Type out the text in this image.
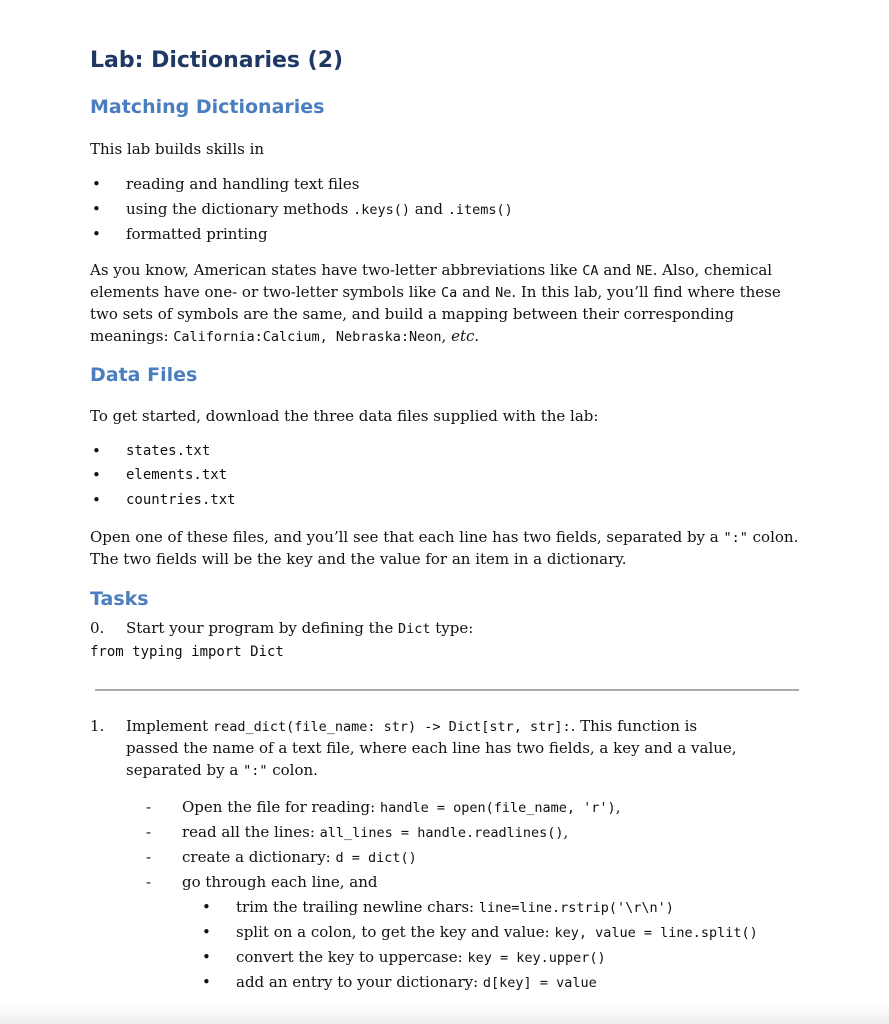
Lab: Dictionaries (2)
Matching Dictionaries
This lab builds skills in
• reading and handling text files
• using the dictionary methods .keys() and .items()
• formatted printing
As you know, American states have two-letter abbreviations like CA and NE. Also, chemical
elements have one- or two-letter symbols like Ca and Ne. In this lab, you’ll find where these
two sets of symbols are the same, and build a mapping between their corresponding
meanings: California:Calcium, Nebraska:Neon, etc.
Data Files
To get started, download the three data files supplied with the lab:
• states.txt
• elements.txt
• countries.txt
Open one of these files, and you’ll see that each line has two fields, separated by a ":" colon.
The two fields will be the key and the value for an item in a dictionary.
Tasks
0. Start your program by defining the Dict type:
from typing import Dict
1. Implement read_dict(file_name: str) -> Dict[str, str]:. This function is
passed the name of a text file, where each line has two fields, a key and a value,
separated by a ":" colon.
- Open the file for reading: handle = open(file_name, 'r'),
- read all the lines: all_lines = handle.readlines(),
- create a dictionary: d = dict()
- go through each line, and
• trim the trailing newline chars: line=line.rstrip('\r\n')
• split on a colon, to get the key and value: key, value = line.split()
• convert the key to uppercase: key = key.upper()
• add an entry to your dictionary: d[key] = value
